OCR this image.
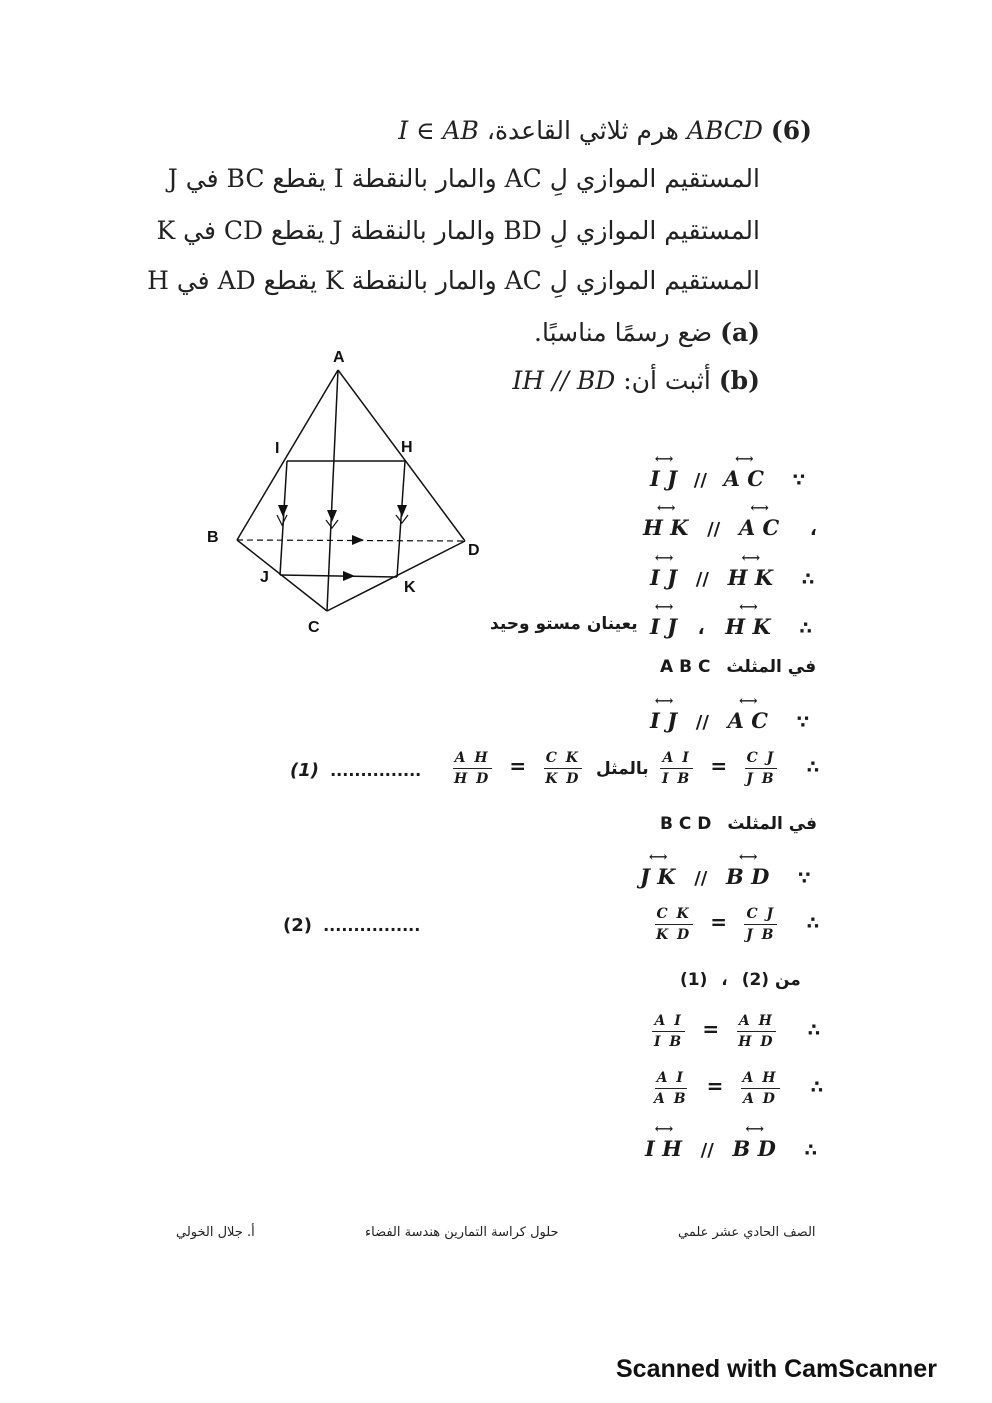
(6) ABCD هرم ثلاثي القاعدة، I ∈ AB
المستقيم الموازي لِ AC والمار بالنقطة I يقطع BC في J
المستقيم الموازي لِ BD والمار بالنقطة J يقطع CD في K
المستقيم الموازي لِ AC والمار بالنقطة K يقطع AD في H
(a) ضع رسمًا مناسبًا.
(b) أثبت أن: IH // BD
A
B
C
D
I	H
J
K
⟷
I J //
⟷
A C ∵
⟷
H K //
⟷
A C ،
⟷
I J //
⟷
H K ∴
يعينان مستو وحيد
⟷
I J ،
⟷
H K ∴
في المثلث A B C
⟷
I J //
⟷
A C ∵
(1) ............... $\frac{\text{A H}}{\text{H D}} = \frac{\text{C K}}{\text{K D}}$ بالمثل $\frac{\text{A I}}{\text{I B}} = \frac{\text{C J}}{\text{J B}}$ ∴
في المثلث B C D
⟷
J K //
⟷
B D ∵
(2) ................	$\frac{\text{C K}}{\text{K D}} = \frac{\text{C J}}{\text{J B}}$ ∴
من (1) ، (2)
$\frac{\text{A I}}{\text{I B}} = \frac{\text{A H}}{\text{H D}}$ ∴
$\frac{\text{A I}}{\text{A B}} = \frac{\text{A H}}{\text{A D}}$ ∴
⟷
I H //
⟷
B D ∴
الصف الحادي عشر علمي
حلول كراسة التمارين هندسة الفضاء
أ. جلال الخولي
Scanned with CamScanner
